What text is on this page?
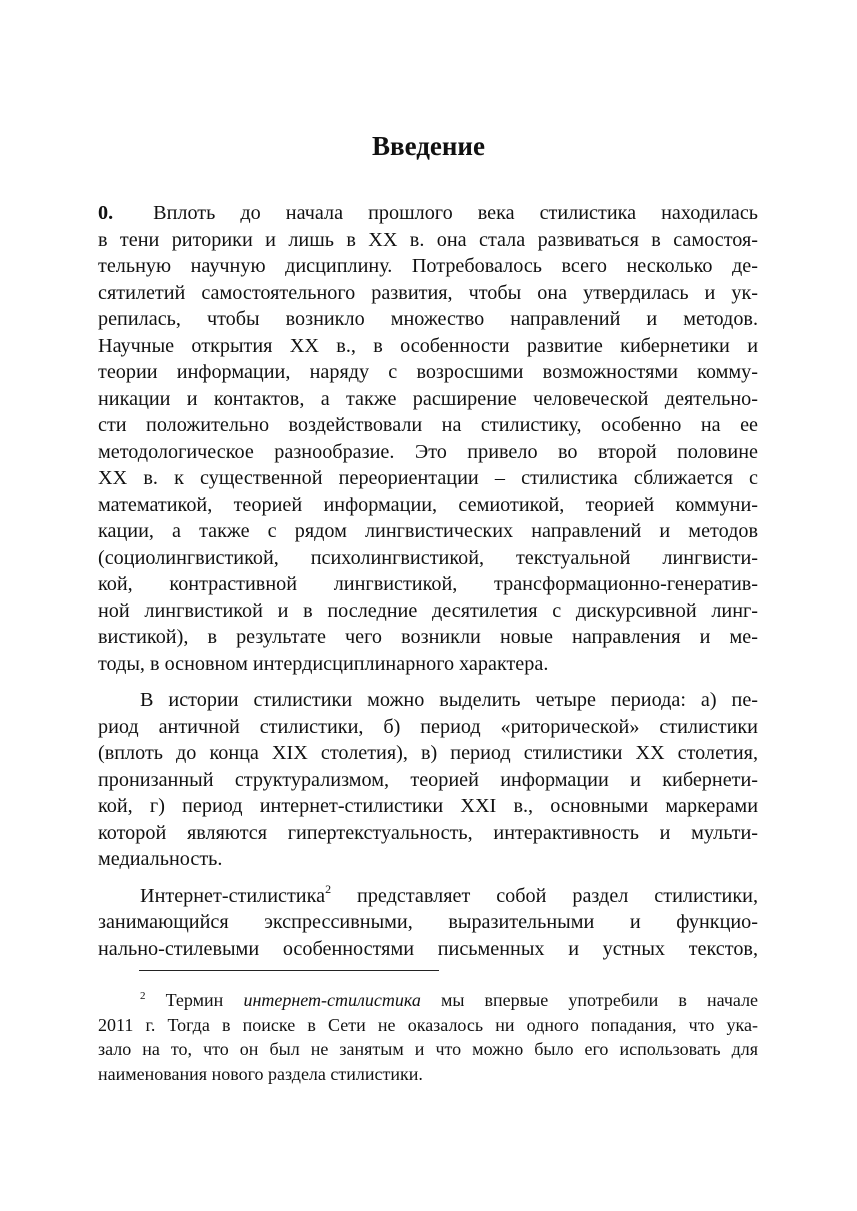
Введение
0. Вплоть до начала прошлого века стилистика находилась
в тени риторики и лишь в XX в. она стала развиваться в самостоя-
тельную научную дисциплину. Потребовалось всего несколько де-
сятилетий самостоятельного развития, чтобы она утвердилась и ук-
репилась, чтобы возникло множество направлений и методов.
Научные открытия XX в., в особенности развитие кибернетики и
теории информации, наряду с возросшими возможностями комму-
никации и контактов, а также расширение человеческой деятельно-
сти положительно воздействовали на стилистику, особенно на ее
методологическое разнообразие. Это привело во второй половине
XX в. к существенной переориентации – стилистика сближается с
математикой, теорией информации, семиотикой, теорией коммуни-
кации, а также с рядом лингвистических направлений и методов
(социолингвистикой, психолингвистикой, текстуальной лингвисти-
кой, контрастивной лингвистикой, трансформационно-генератив-
ной лингвистикой и в последние десятилетия с дискурсивной линг-
вистикой), в результате чего возникли новые направления и ме-
тоды, в основном интердисциплинарного характера.
В истории стилистики можно выделить четыре периода: а) пе-
риод античной стилистики, б) период «риторической» стилистики
(вплоть до конца XIX столетия), в) период стилистики XX столетия,
пронизанный структурализмом, теорией информации и кибернети-
кой, г) период интернет-стилистики XXI в., основными маркерами
которой являются гипертекстуальность, интерактивность и мульти-
медиальность.
Интернет-стилистика$^2$ представляет собой раздел стилистики,
занимающийся экспрессивными, выразительными и функцио-
нально-стилевыми особенностями письменных и устных текстов,
$^2$ Термин интернет-стилистика мы впервые употребили в начале
2011 г. Тогда в поиске в Сети не оказалось ни одного попадания, что ука-
зало на то, что он был не занятым и что можно было его использовать для
наименования нового раздела стилистики.
